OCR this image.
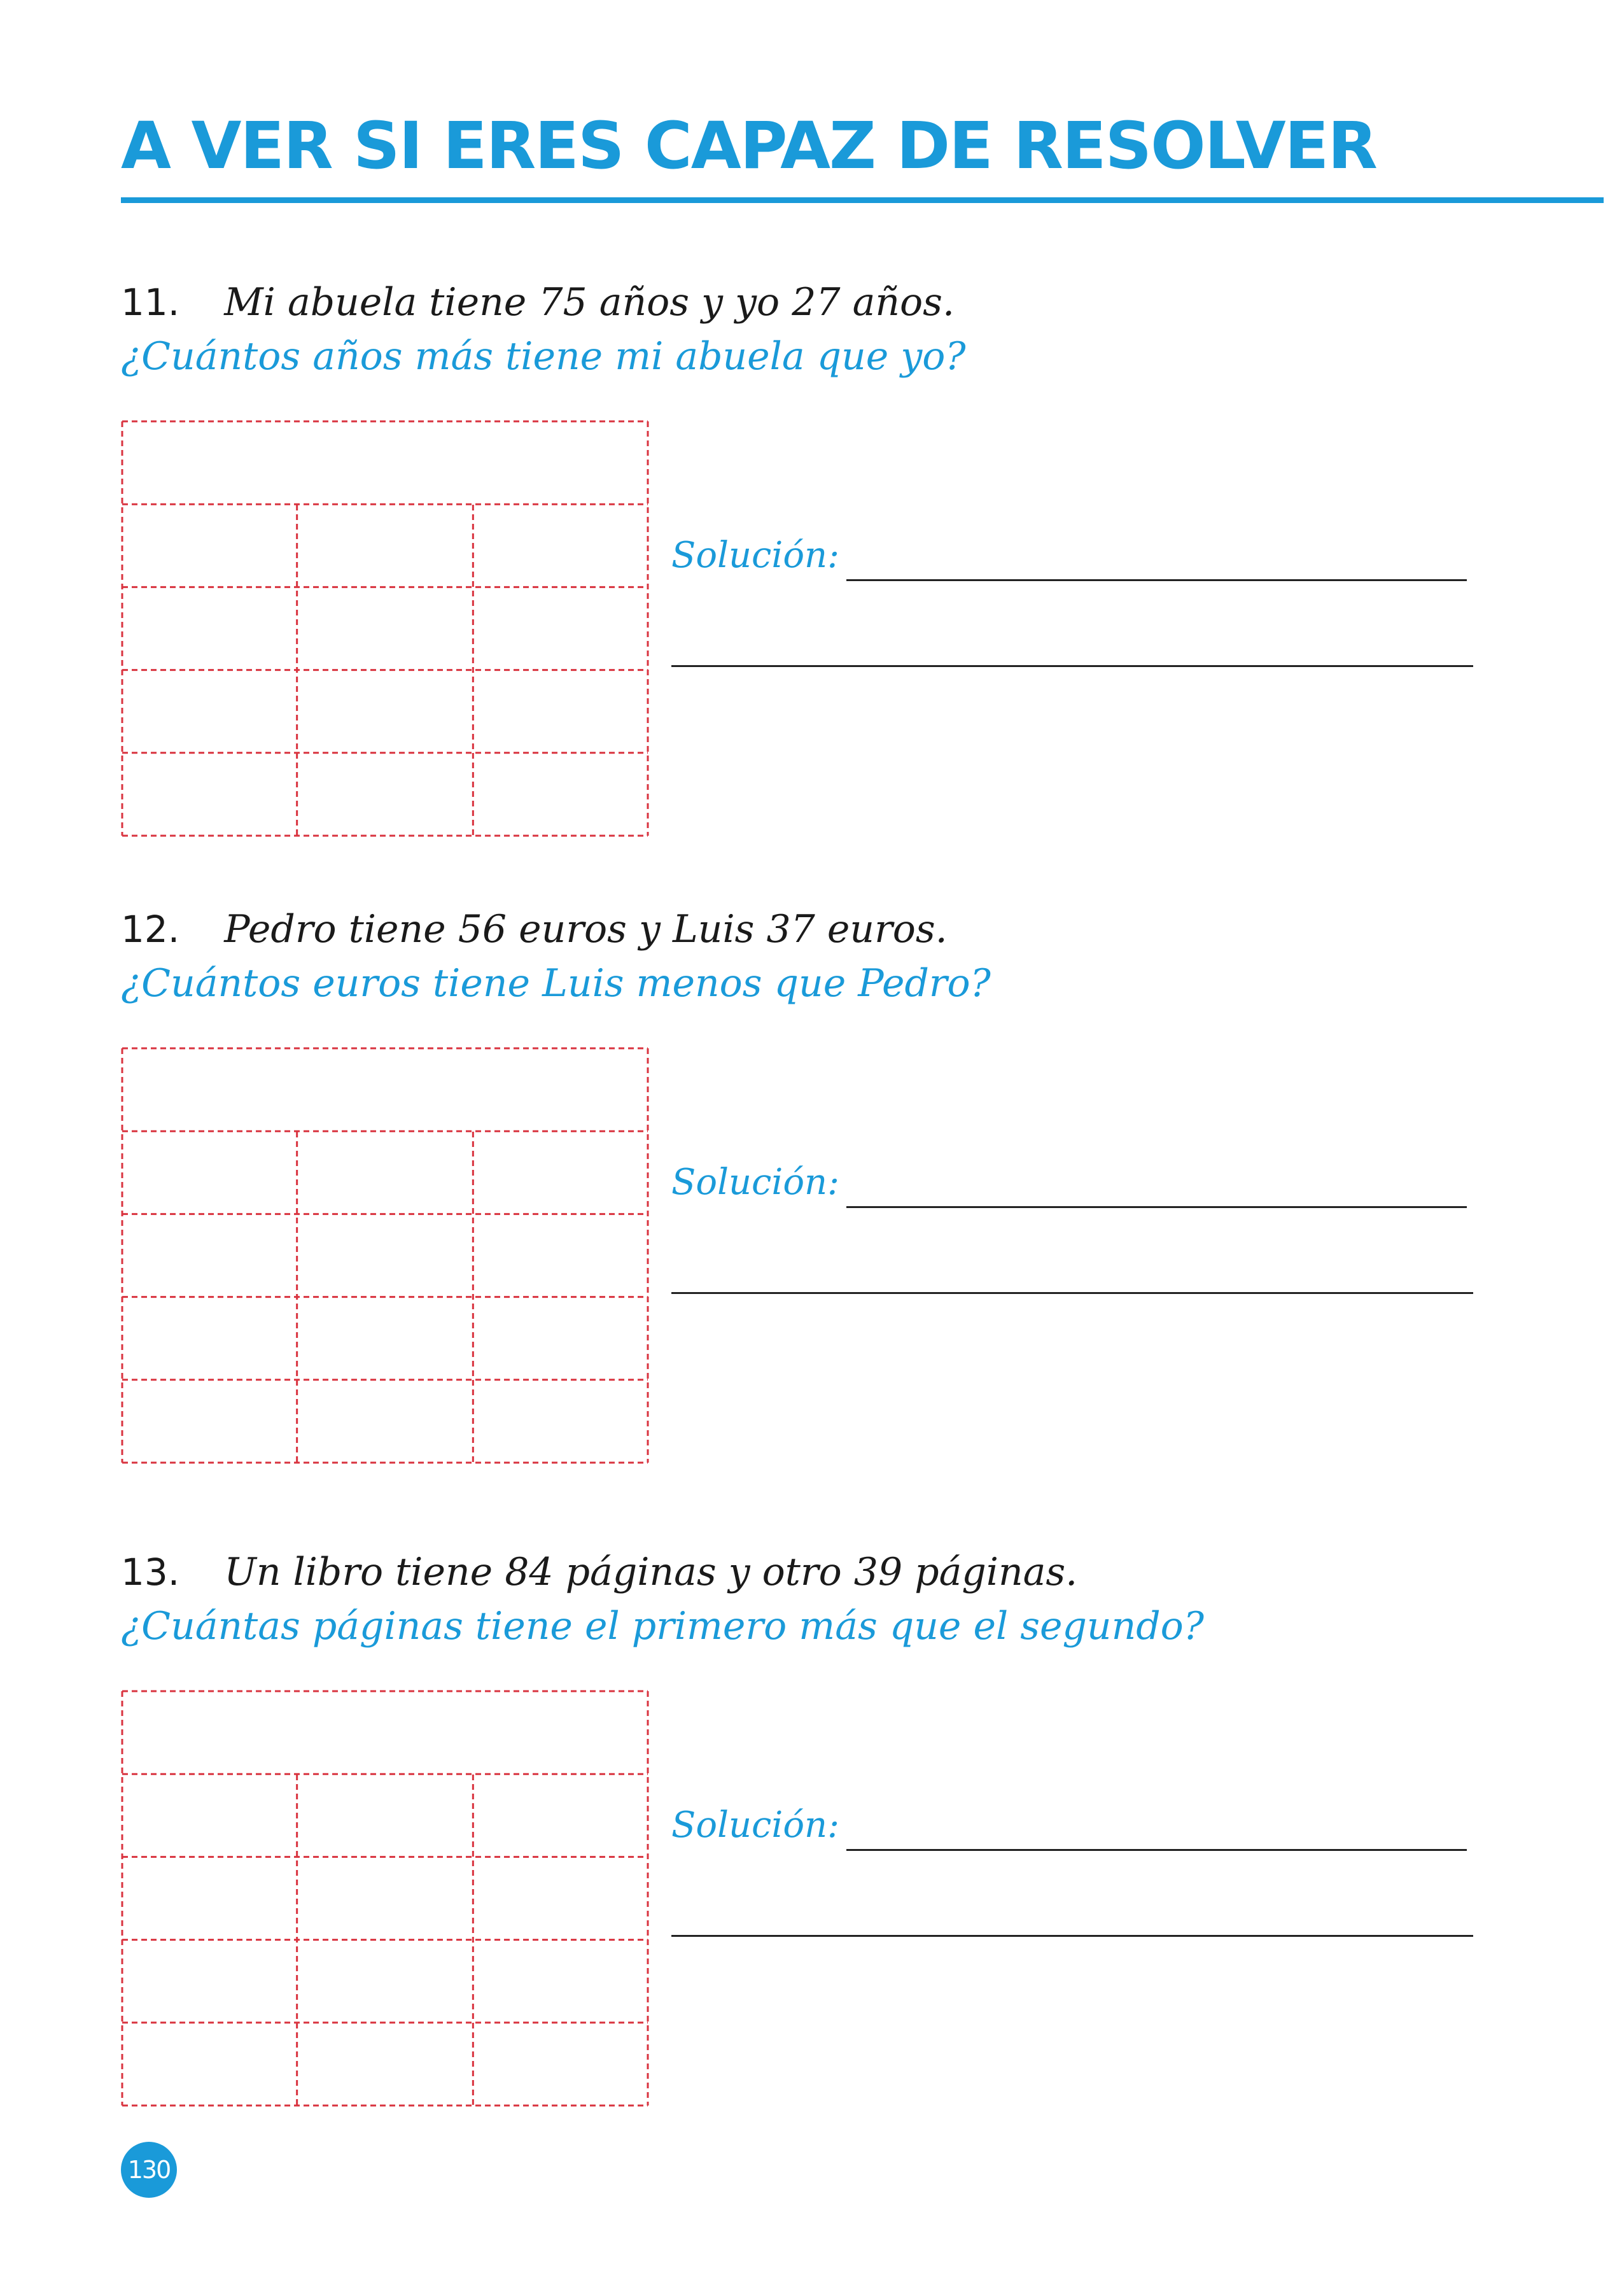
A VER SI ERES CAPAZ DE RESOLVER
11. Mi abuela tiene 75 años y yo 27 años.
¿Cuántos años más tiene mi abuela que yo?
Solución:
12. Pedro tiene 56 euros y Luis 37 euros.
¿Cuántos euros tiene Luis menos que Pedro?
Solución:
13. Un libro tiene 84 páginas y otro 39 páginas.
¿Cuántas páginas tiene el primero más que el segundo?
Solución:
130
